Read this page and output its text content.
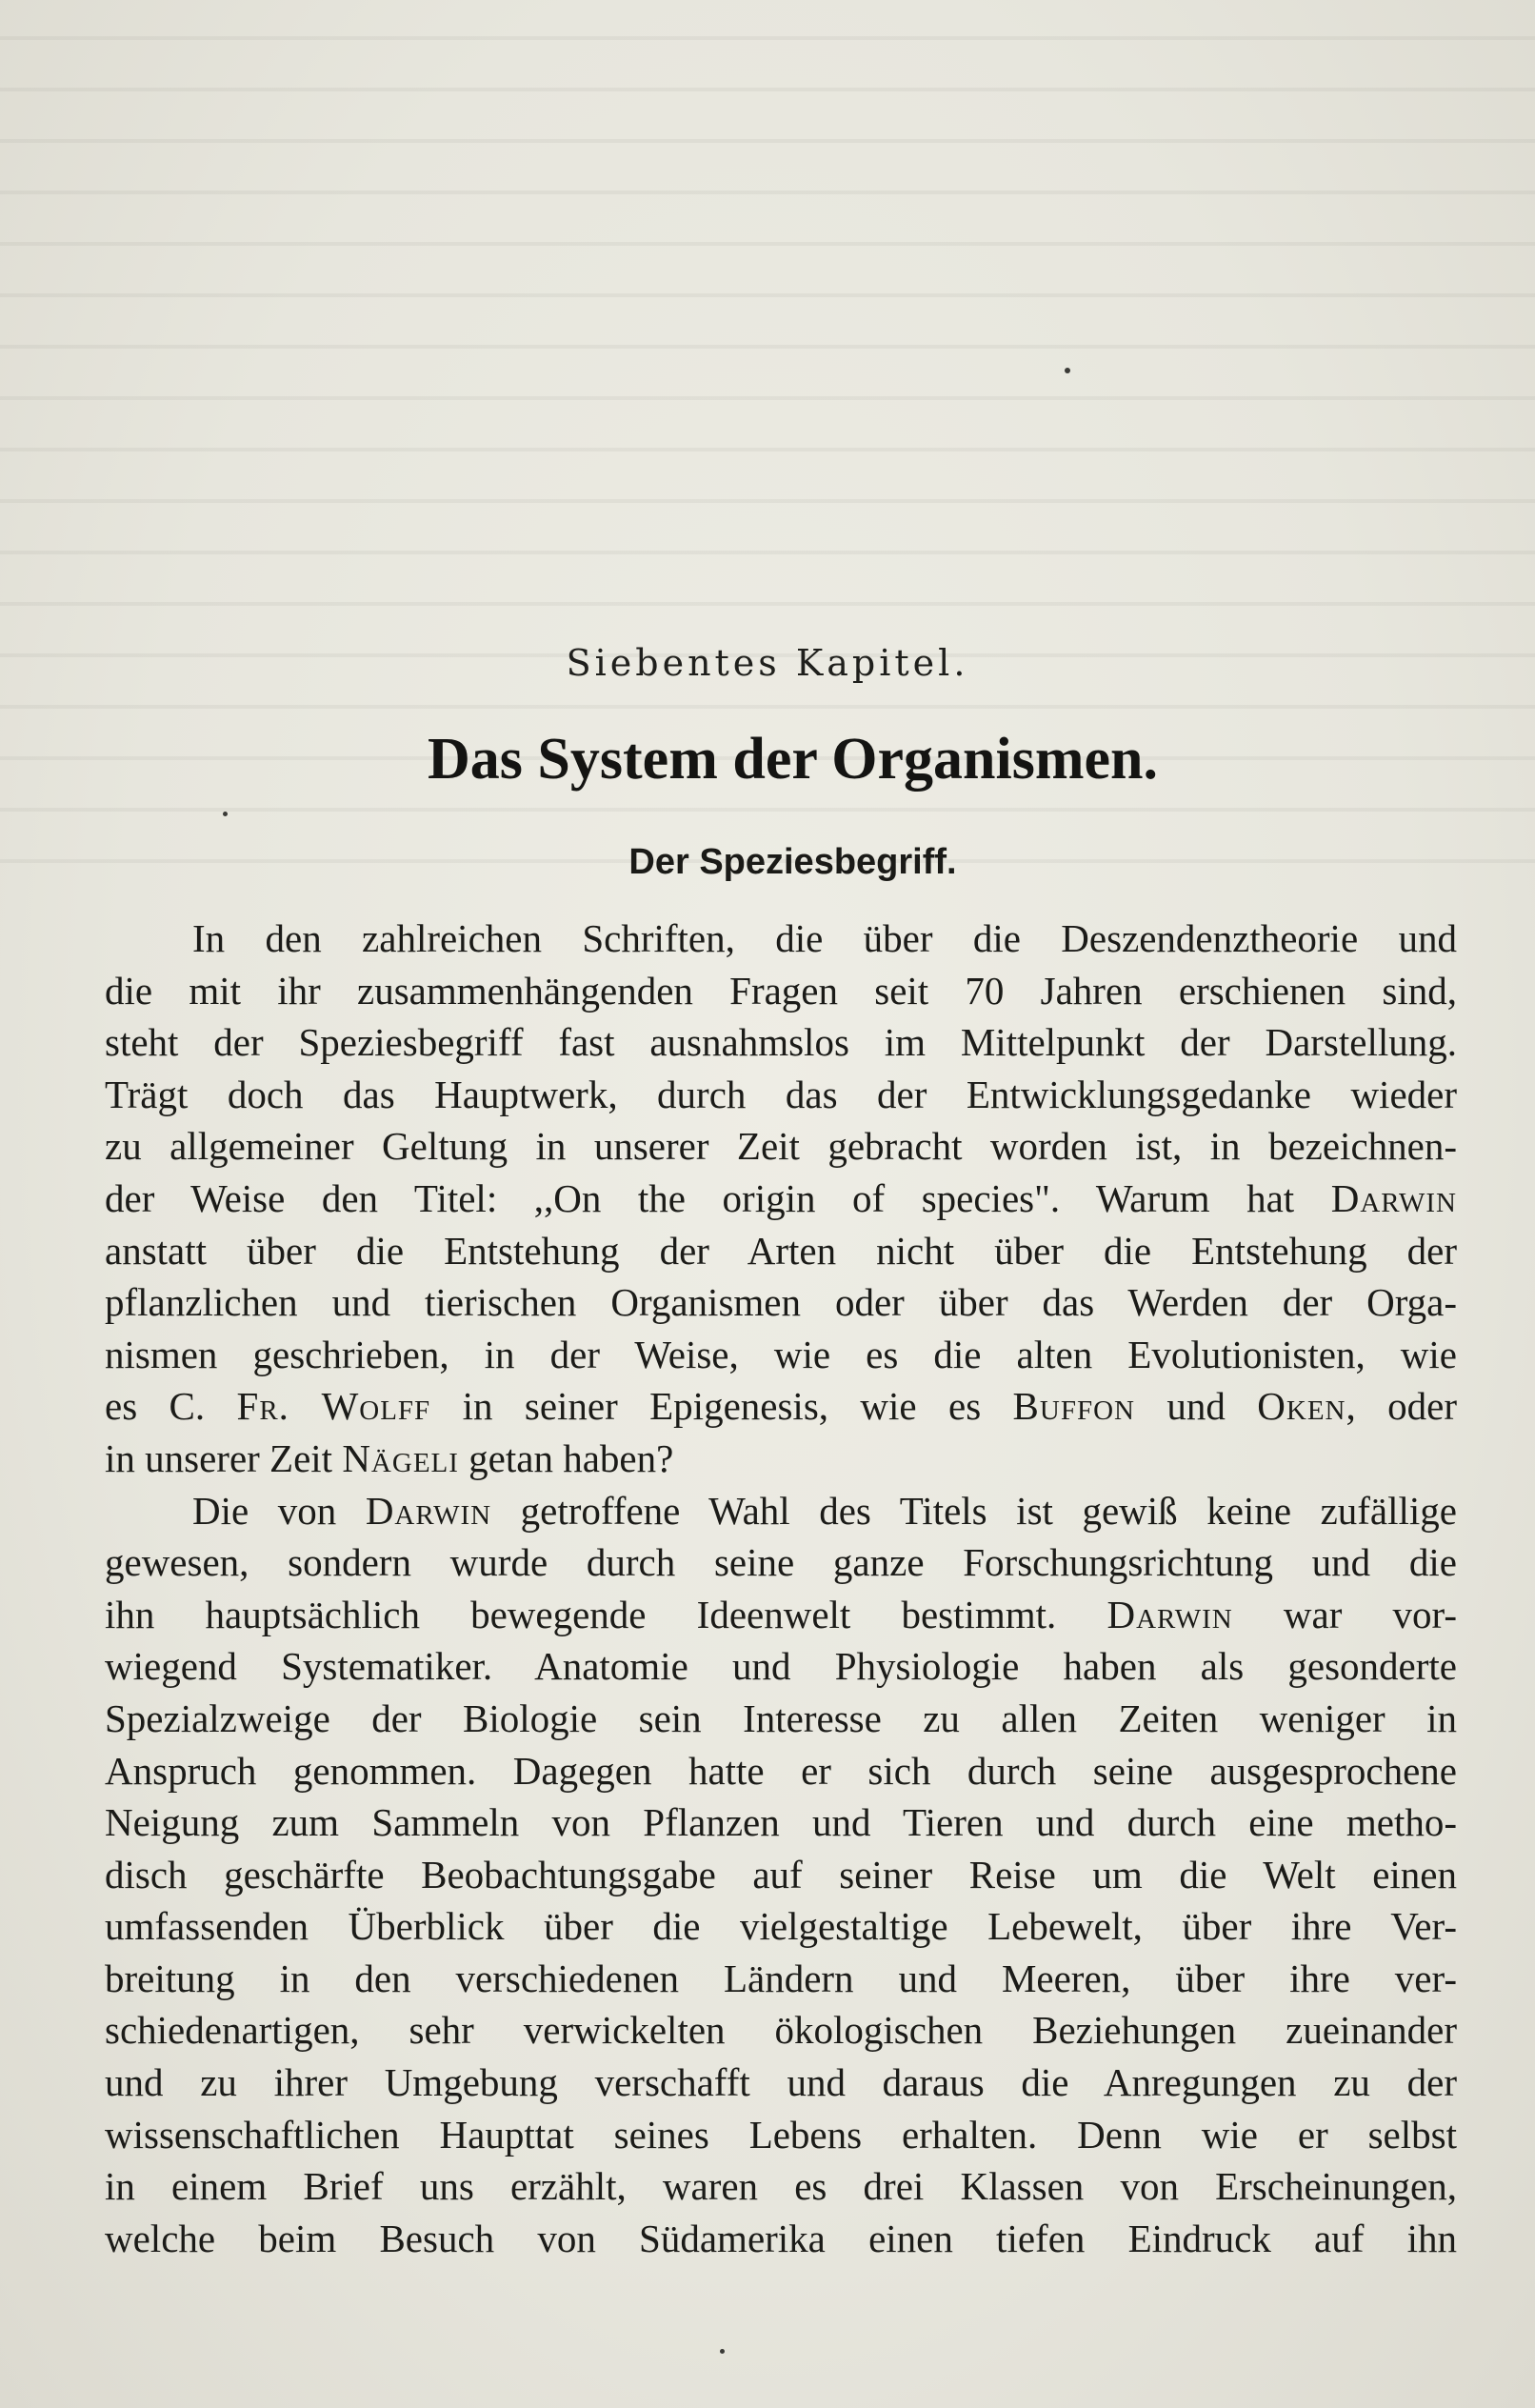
Siebentes Kapitel.
Das System der Organismen.
Der Speziesbegriff.
In den zahlreichen Schriften, die über die Deszendenztheorie und
die mit ihr zusammenhängenden Fragen seit 70 Jahren erschienen sind,
steht der Speziesbegriff fast ausnahmslos im Mittelpunkt der Darstellung.
Trägt doch das Hauptwerk, durch das der Entwicklungsgedanke wieder
zu allgemeiner Geltung in unserer Zeit gebracht worden ist, in bezeichnen-
der Weise den Titel: ,,On the origin of species". Warum hat Darwin
anstatt über die Entstehung der Arten nicht über die Entstehung der
pflanzlichen und tierischen Organismen oder über das Werden der Orga-
nismen geschrieben, in der Weise, wie es die alten Evolutionisten, wie
es C. Fr. Wolff in seiner Epigenesis, wie es Buffon und Oken, oder
in unserer Zeit Nägeli getan haben?
Die von Darwin getroffene Wahl des Titels ist gewiß keine zufällige
gewesen, sondern wurde durch seine ganze Forschungsrichtung und die
ihn hauptsächlich bewegende Ideenwelt bestimmt. Darwin war vor-
wiegend Systematiker. Anatomie und Physiologie haben als gesonderte
Spezialzweige der Biologie sein Interesse zu allen Zeiten weniger in
Anspruch genommen. Dagegen hatte er sich durch seine ausgesprochene
Neigung zum Sammeln von Pflanzen und Tieren und durch eine metho-
disch geschärfte Beobachtungsgabe auf seiner Reise um die Welt einen
umfassenden Überblick über die vielgestaltige Lebewelt, über ihre Ver-
breitung in den verschiedenen Ländern und Meeren, über ihre ver-
schiedenartigen, sehr verwickelten ökologischen Beziehungen zueinander
und zu ihrer Umgebung verschafft und daraus die Anregungen zu der
wissenschaftlichen Haupttat seines Lebens erhalten. Denn wie er selbst
in einem Brief uns erzählt, waren es drei Klassen von Erscheinungen,
welche beim Besuch von Südamerika einen tiefen Eindruck auf ihn
